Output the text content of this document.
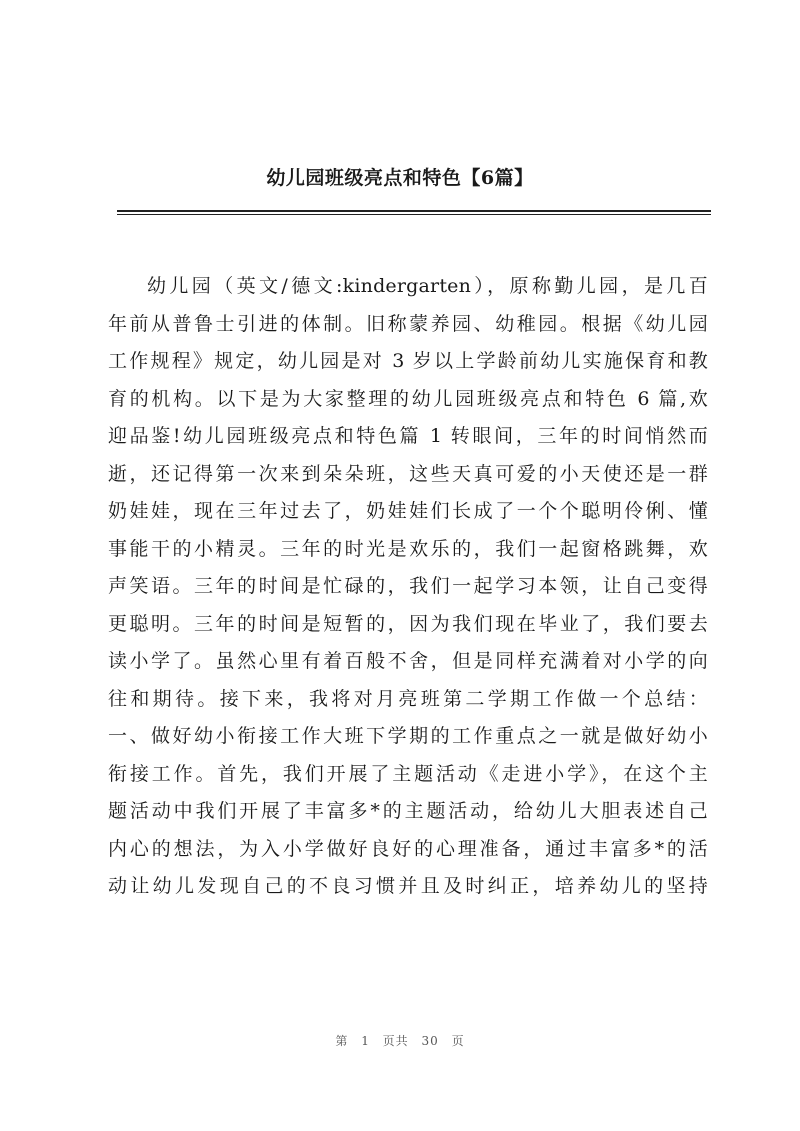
幼儿园班级亮点和特色【6篇】
幼儿园（英文/德文:kindergarten），原称勤儿园，是几百
年前从普鲁士引进的体制。旧称蒙养园、幼稚园。根据《幼儿园
工作规程》规定，幼儿园是对 3 岁以上学龄前幼儿实施保育和教
育的机构。以下是为大家整理的幼儿园班级亮点和特色 6 篇,欢
迎品鉴!幼儿园班级亮点和特色篇 1 转眼间，三年的时间悄然而
逝，还记得第一次来到朵朵班，这些天真可爱的小天使还是一群
奶娃娃，现在三年过去了，奶娃娃们长成了一个个聪明伶俐、懂
事能干的小精灵。三年的时光是欢乐的，我们一起窗格跳舞，欢
声笑语。三年的时间是忙碌的，我们一起学习本领，让自己变得
更聪明。三年的时间是短暂的，因为我们现在毕业了，我们要去
读小学了。虽然心里有着百般不舍，但是同样充满着对小学的向
往和期待。接下来，我将对月亮班第二学期工作做一个总结：
一、做好幼小衔接工作大班下学期的工作重点之一就是做好幼小
衔接工作。首先，我们开展了主题活动《走进小学》，在这个主
题活动中我们开展了丰富多*的主题活动，给幼儿大胆表述自己
内心的想法，为入小学做好良好的心理准备，通过丰富多*的活
动让幼儿发现自己的不良习惯并且及时纠正，培养幼儿的坚持
第 1 页共 30 页
